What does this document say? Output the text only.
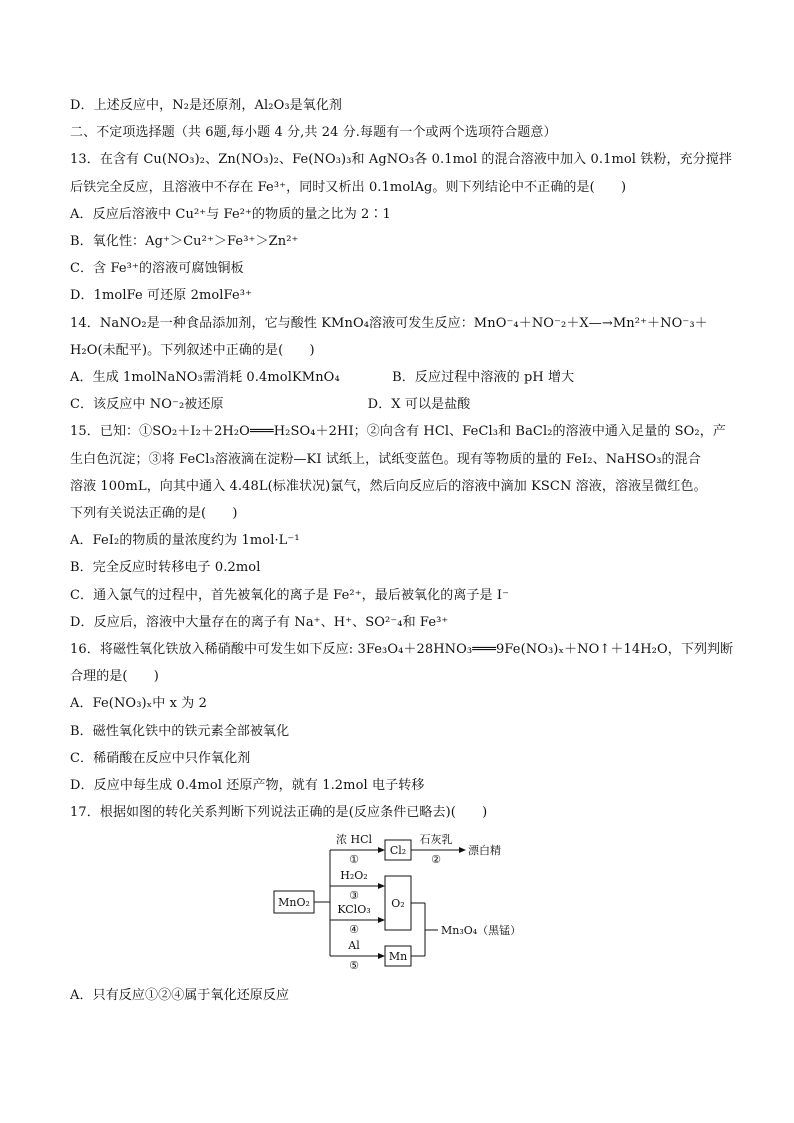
D．上述反应中，N₂是还原剂，Al₂O₃是氧化剂
二、不定项选择题（共 6题,每小题 4 分,共 24 分.每题有一个或两个选项符合题意）
13．在含有 Cu(NO₃)₂、Zn(NO₃)₂、Fe(NO₃)₃和 AgNO₃各 0.1mol 的混合溶液中加入 0.1mol 铁粉，充分搅拌
后铁完全反应，且溶液中不存在 Fe³⁺，同时又析出 0.1molAg。则下列结论中不正确的是(　　)
A．反应后溶液中 Cu²⁺与 Fe²⁺的物质的量之比为 2∶1
B．氧化性：Ag⁺＞Cu²⁺＞Fe³⁺＞Zn²⁺
C．含 Fe³⁺的溶液可腐蚀铜板
D．1molFe 可还原 2molFe³⁺
14．NaNO₂是一种食品添加剂，它与酸性 KMnO₄溶液可发生反应：MnO⁻₄＋NO⁻₂＋X—→Mn²⁺＋NO⁻₃＋
H₂O(未配平)。下列叙述中正确的是(　　)
A．生成 1molNaNO₃需消耗 0.4molKMnO₄　　　　B．反应过程中溶液的 pH 增大
C．该反应中 NO⁻₂被还原　　　　　　　　　　　D．X 可以是盐酸
15．已知：①SO₂＋I₂＋2H₂O═══H₂SO₄＋2HI；②向含有 HCl、FeCl₃和 BaCl₂的溶液中通入足量的 SO₂，产
生白色沉淀；③将 FeCl₃溶液滴在淀粉—KI 试纸上，试纸变蓝色。现有等物质的量的 FeI₂、NaHSO₃的混合
溶液 100mL，向其中通入 4.48L(标准状况)氯气，然后向反应后的溶液中滴加 KSCN 溶液，溶液呈微红色。
下列有关说法正确的是(　　)
A．FeI₂的物质的量浓度约为 1mol·L⁻¹
B．完全反应时转移电子 0.2mol
C．通入氯气的过程中，首先被氧化的离子是 Fe²⁺，最后被氧化的离子是 I⁻
D．反应后，溶液中大量存在的离子有 Na⁺、H⁺、SO²⁻₄和 Fe³⁺
16．将磁性氧化铁放入稀硝酸中可发生如下反应: 3Fe₃O₄＋28HNO₃═══9Fe(NO₃)ₓ＋NO↑＋14H₂O，下列判断
合理的是(　　)
A．Fe(NO₃)ₓ中 x 为 2
B．磁性氧化铁中的铁元素全部被氧化
C．稀硝酸在反应中只作氧化剂
D．反应中每生成 0.4mol 还原产物，就有 1.2mol 电子转移
17．根据如图的转化关系判断下列说法正确的是(反应条件已略去)(　　)
MnO₂
浓 HCl
①
Cl₂
石灰乳
②
漂白精
H₂O₂
③
KClO₃
④
O₂
Al
⑤
Mn
Mn₃O₄（黑锰）
A．只有反应①②④属于氧化还原反应
